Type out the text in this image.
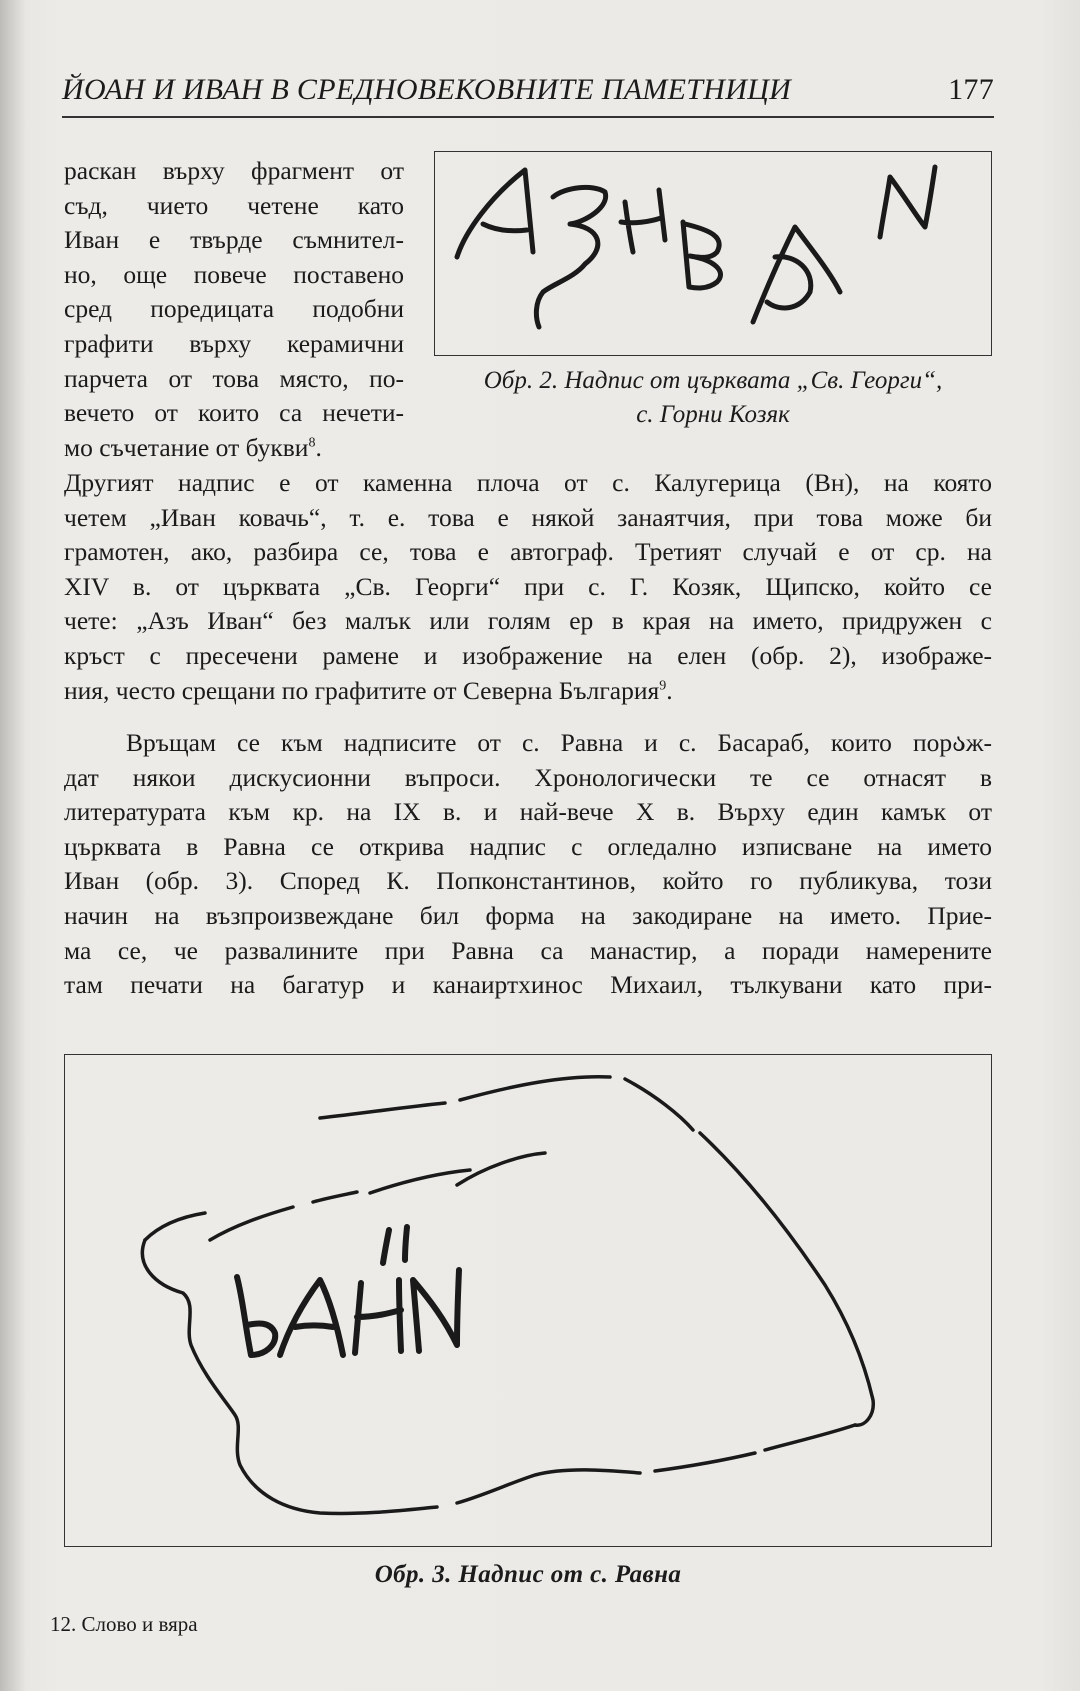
ЙОАН И ИВАН В СРЕДНОВЕКОВНИТЕ ПАМЕТНИЦИ	177
раскан върху фрагмент от
съд, чието четене като
Иван е твърде съмнител-
но, още повече поставено
сред поредицата подобни
графити върху керамични
парчета от това място, по-
вечето от които са нечети-
мо съчетание от букви$^8$.
Обр. 2. Надпис от църквата „Св. Георги“,
с. Горни Козяк
Другият надпис е от каменна плоча от с. Калугерица (Вн), на която
четем „Иван ковачь“, т. е. това е някой занаятчия, при това може би
грамотен, ако, разбира се, това е автограф. Третият случай е от ср. на
XIV в. от църквата „Св. Георги“ при с. Г. Козяк, Щипско, който се
чете: „Азъ Иван“ без малък или голям ер в края на името, придружен с
кръст с пресечени рамене и изображение на елен (обр. 2), изображе-
ния, често срещани по графитите от Северна България$^9$.
Връщам се към надписите от с. Равна и с. Басараб, които порაж-
дат някои дискусионни въпроси. Хронологически те се отнасят в
литературата към кр. на IX в. и най-вече X в. Върху един камък от
църквата в Равна се открива надпис с огледално изписване на името
Иван (обр. 3). Според К. Попконстантинов, който го публикува, този
начин на възпроизвеждане бил форма на закодиране на името. Прие-
ма се, че развалините при Равна са манастир, а поради намерените
там печати на багатур и канаиртхинос Михаил, тълкувани като при-
Обр. 3. Надпис от с. Равна
12. Слово и вяра
